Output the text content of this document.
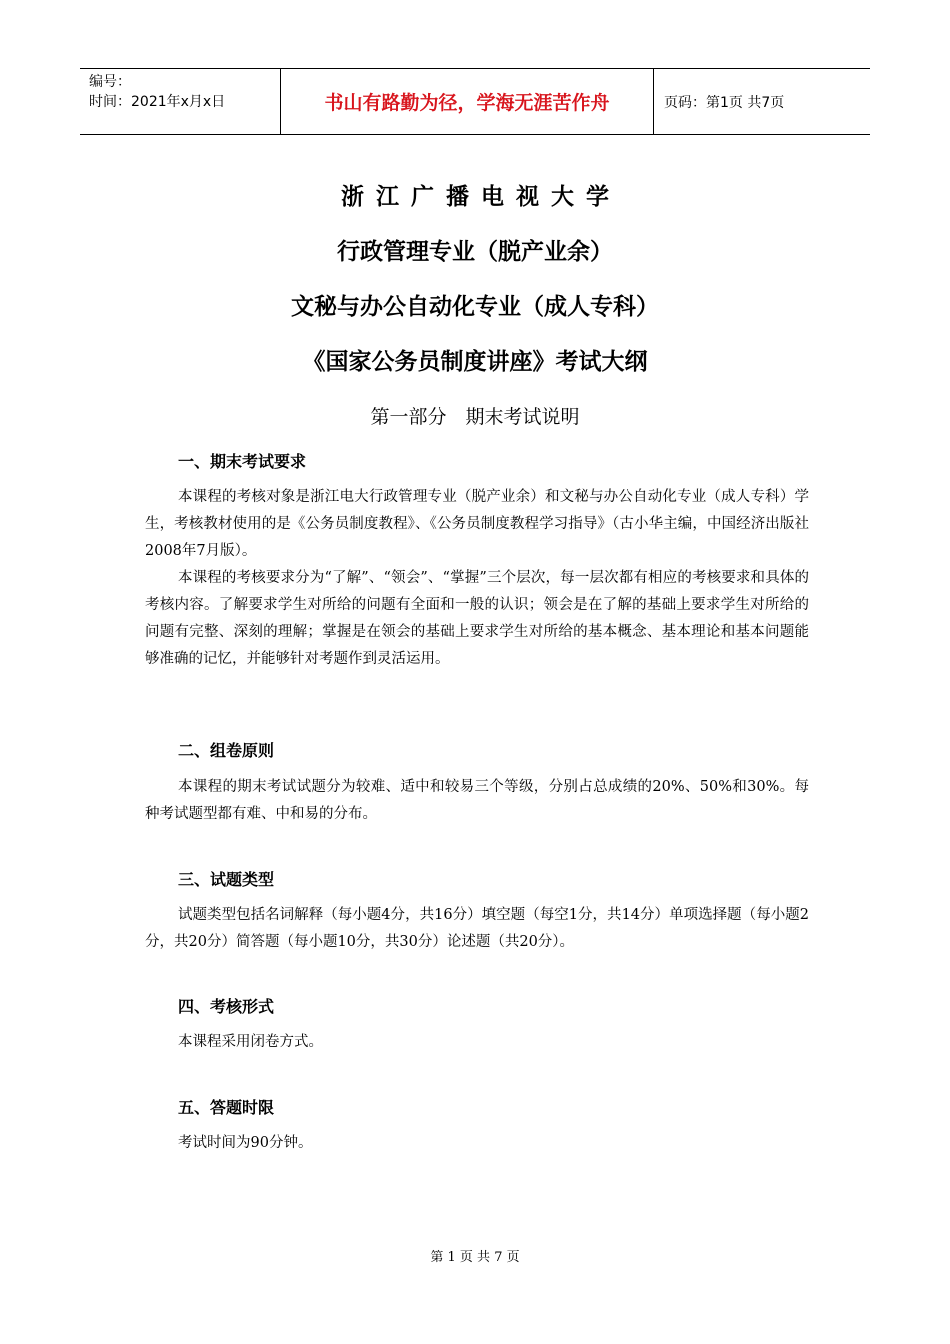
编号：
时间：2021年x月x日	书山有路勤为径，学海无涯苦作舟	页码：第1页 共7页
浙江广播电视大学
行政管理专业（脱产业余）
文秘与办公自动化专业（成人专科）
《国家公务员制度讲座》考试大纲
第一部分　期末考试说明
一、期末考试要求
本课程的考核对象是浙江电大行政管理专业（脱产业余）和文秘与办公自动化专业（成人专科）学生，考核教材使用的是《公务员制度教程》、《公务员制度教程学习指导》（古小华主编，中国经济出版社2008年7月版）。
本课程的考核要求分为“了解”、“领会”、“掌握”三个层次，每一层次都有相应的考核要求和具体的考核内容。了解要求学生对所给的问题有全面和一般的认识；领会是在了解的基础上要求学生对所给的问题有完整、深刻的理解；掌握是在领会的基础上要求学生对所给的基本概念、基本理论和基本问题能够准确的记忆，并能够针对考题作到灵活运用。
二、组卷原则
本课程的期末考试试题分为较难、适中和较易三个等级，分别占总成绩的20%、50%和30%。每种考试题型都有难、中和易的分布。
三、试题类型
试题类型包括名词解释（每小题4分，共16分）填空题（每空1分，共14分）单项选择题（每小题2分，共20分）简答题（每小题10分，共30分）论述题（共20分）。
四、考核形式
本课程采用闭卷方式。
五、答题时限
考试时间为90分钟。
第 1 页 共 7 页
